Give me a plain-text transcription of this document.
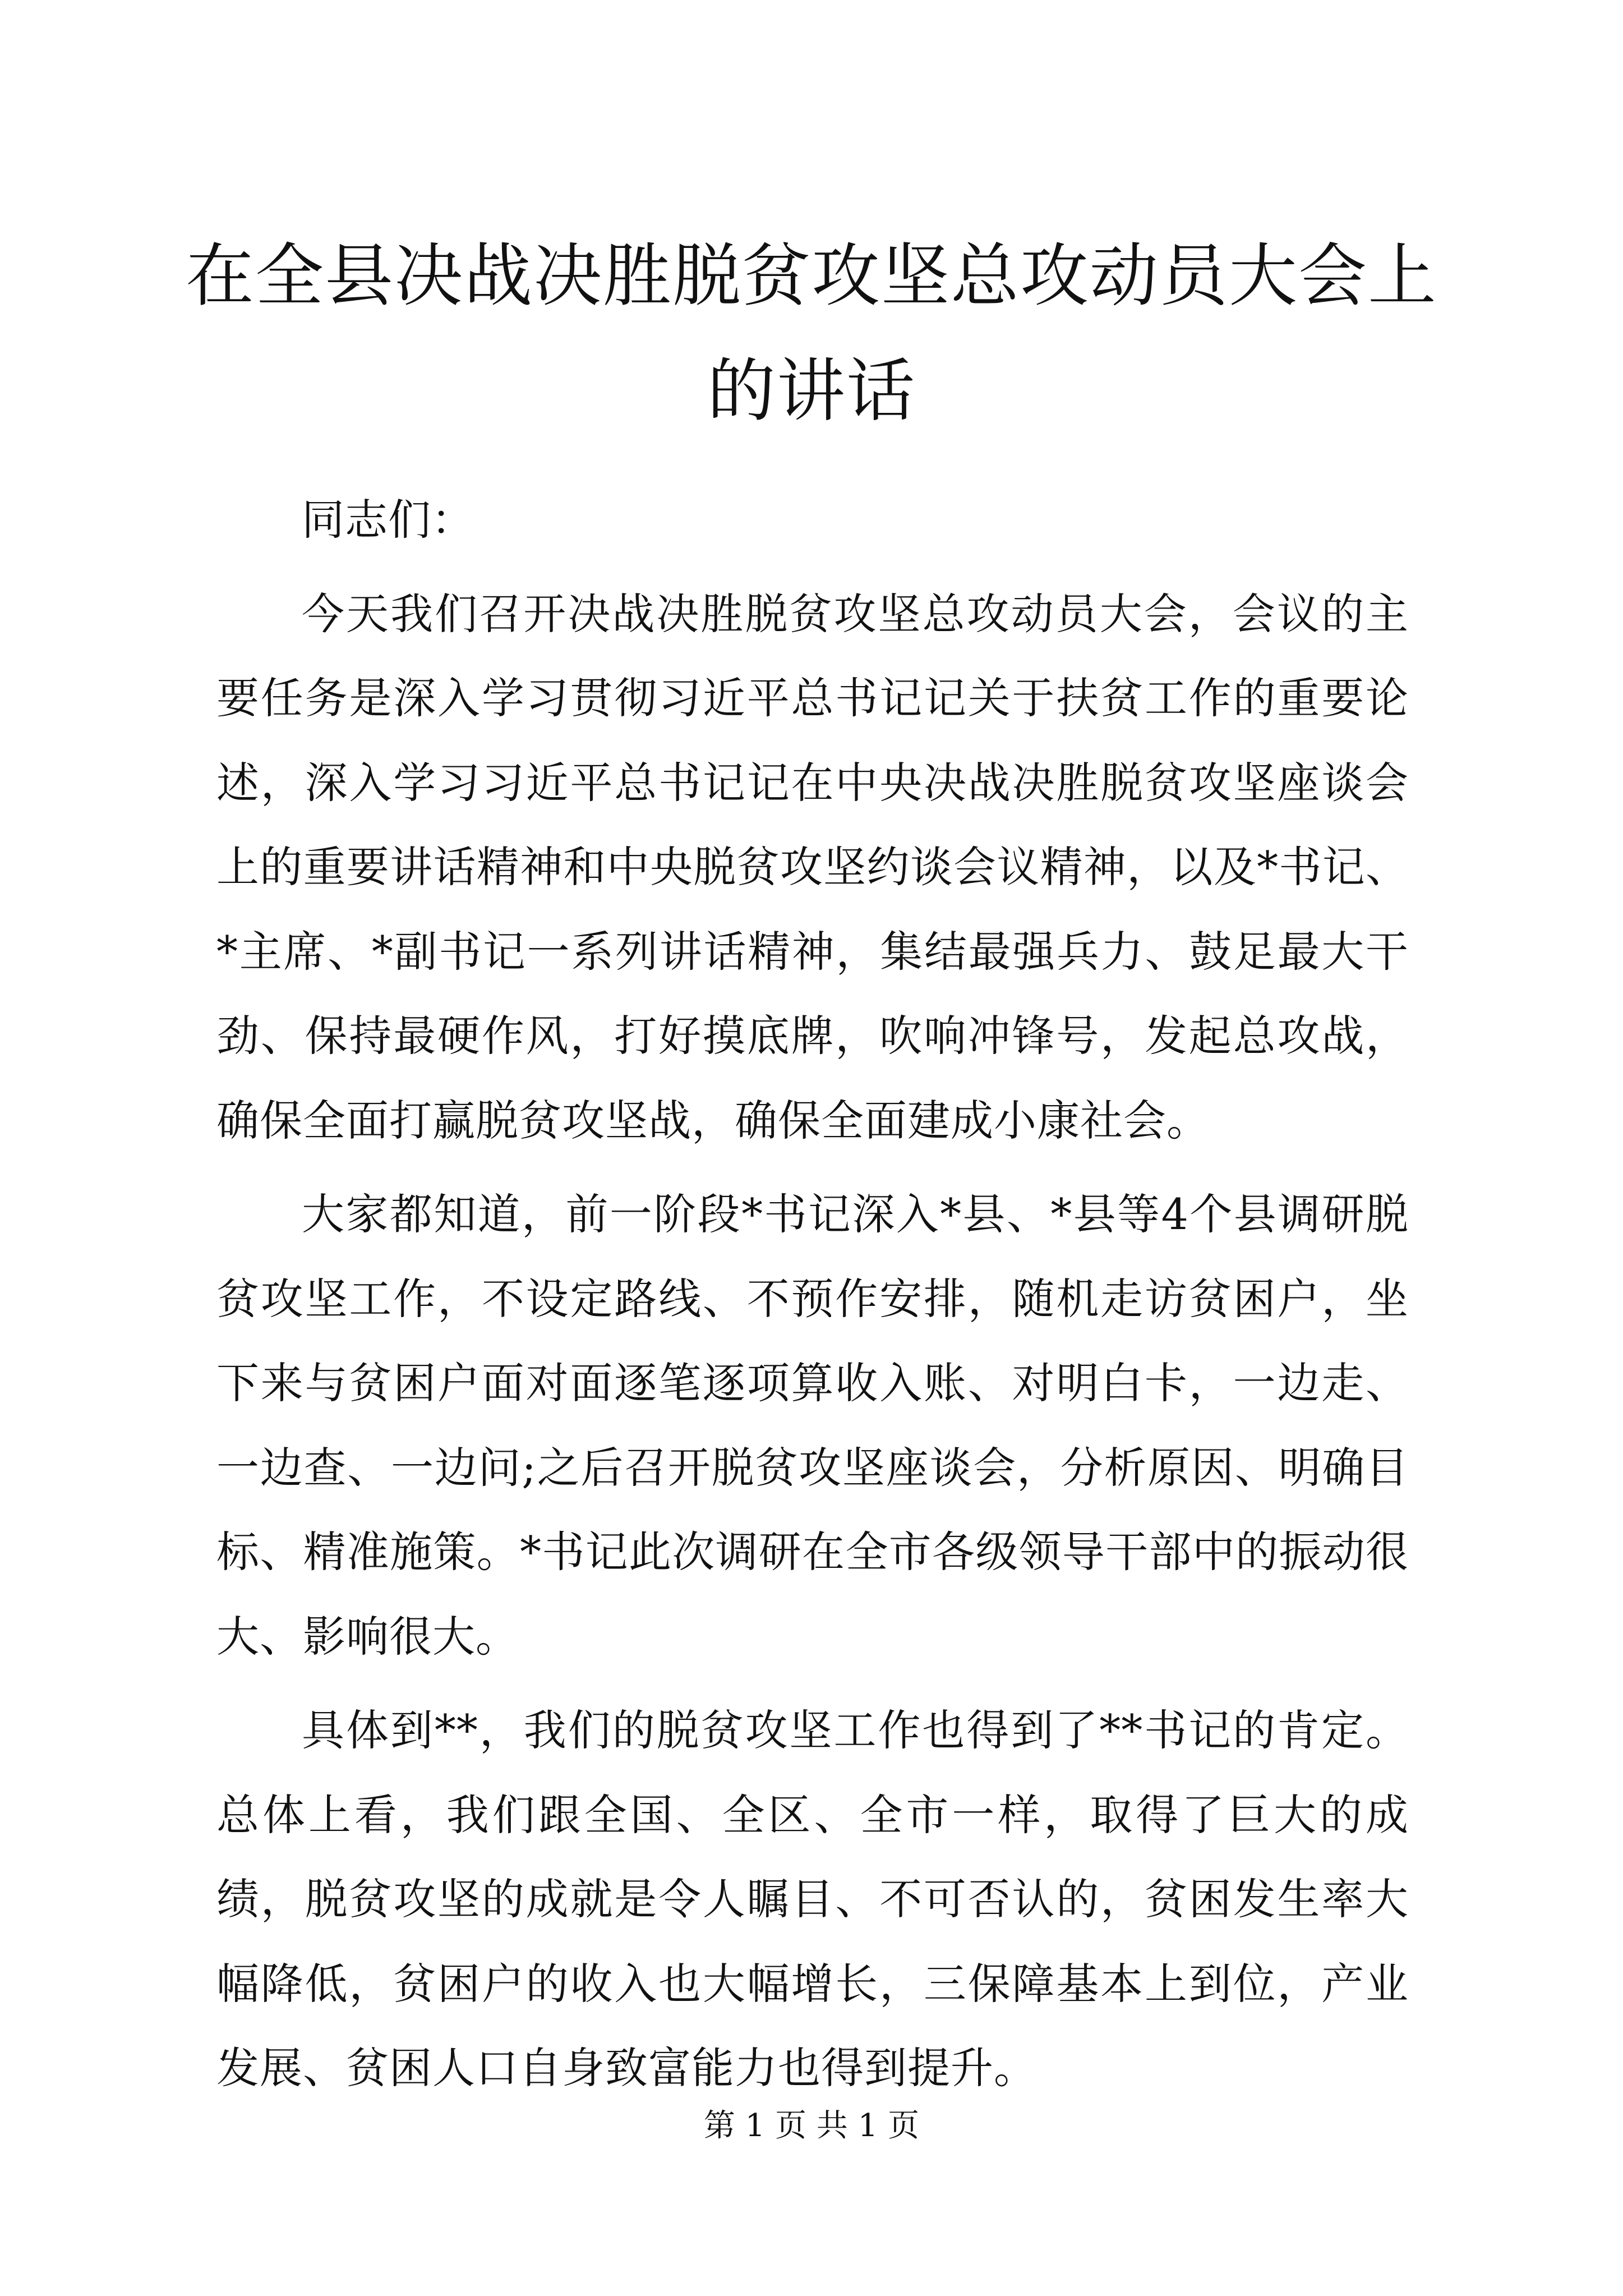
在全县决战决胜脱贫攻坚总攻动员大会上的讲话

同志们：

今天我们召开决战决胜脱贫攻坚总攻动员大会，会议的主要任务是深入学习贯彻习近平总书记记关于扶贫工作的重要论述，深入学习习近平总书记记在中央决战决胜脱贫攻坚座谈会上的重要讲话精神和中央脱贫攻坚约谈会议精神，以及*书记、*主席、*副书记一系列讲话精神，集结最强兵力、鼓足最大干劲、保持最硬作风，打好摸底牌，吹响冲锋号，发起总攻战，确保全面打赢脱贫攻坚战，确保全面建成小康社会。

大家都知道，前一阶段*书记深入*县、*县等4个县调研脱贫攻坚工作，不设定路线、不预作安排，随机走访贫困户，坐下来与贫困户面对面逐笔逐项算收入账、对明白卡，一边走、一边查、一边问;之后召开脱贫攻坚座谈会，分析原因、明确目标、精准施策。*书记此次调研在全市各级领导干部中的振动很大、影响很大。

具体到**，我们的脱贫攻坚工作也得到了**书记的肯定。总体上看，我们跟全国、全区、全市一样，取得了巨大的成绩，脱贫攻坚的成就是令人瞩目、不可否认的，贫困发生率大幅降低，贫困户的收入也大幅增长，三保障基本上到位，产业发展、贫困人口自身致富能力也得到提升。

第 1 页 共 1 页
